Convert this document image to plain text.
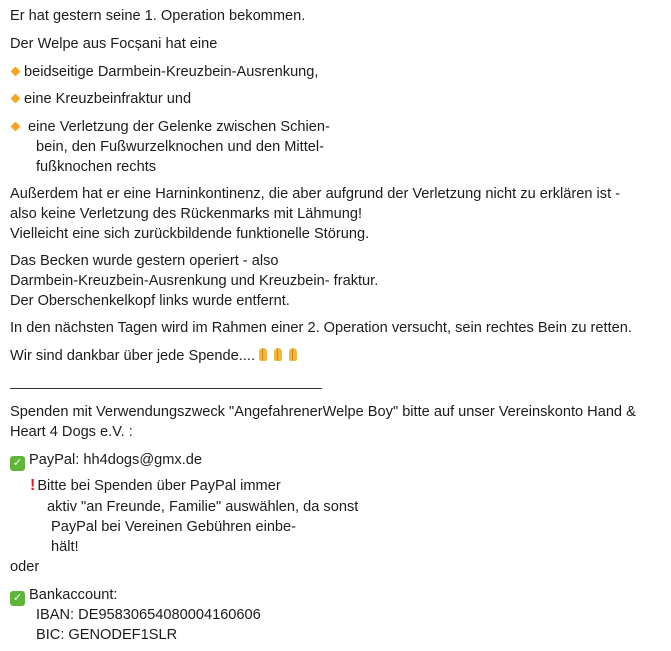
Er hat gestern seine 1. Operation bekommen.
Der Welpe aus Focșani hat eine
beidseitige Darmbein-Kreuzbein-Ausrenkung,
eine Kreuzbeinfraktur und
eine Verletzung der Gelenke zwischen Schien-
bein, den Fußwurzelknochen und den Mittel-
fußknochen rechts
Außerdem hat er eine Harninkontinenz, die aber aufgrund der Verletzung nicht zu erklären ist -
also keine Verletzung des Rückenmarks mit Lähmung!
Vielleicht eine sich zurückbildende funktionelle Störung.
Das Becken wurde gestern operiert - also
Darmbein-Kreuzbein-Ausrenkung und Kreuzbein- fraktur.
Der Oberschenkelkopf links wurde entfernt.
In den nächsten Tagen wird im Rahmen einer 2. Operation versucht, sein rechtes Bein zu retten.
Wir sind dankbar über jede Spende....
Spenden mit Verwendungszweck "AngefahrenerWelpe Boy" bitte auf unser Vereinskonto Hand &
Heart 4 Dogs e.V. :
✓ PayPal: hh4dogs@gmx.de
! Bitte bei Spenden über PayPal immer
aktiv "an Freunde, Familie" auswählen, da sonst
PayPal bei Vereinen Gebühren einbe-
hält!
oder
✓ Bankaccount:
IBAN: DE95830654080004160606
BIC: GENODEF1SLR
